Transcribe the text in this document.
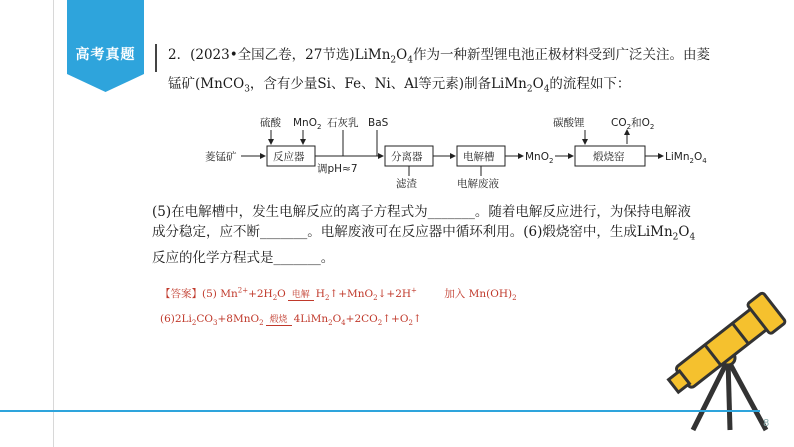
高考真题	2．(2023•全国乙卷，27节选)$LiMn_2O_4$作为一种新型锂电池正极材料受到广泛关注。由菱
锰矿(MnCO$_3$，含有少量Si、Fe、Ni、Al等元素)制备$LiMn_2O_4$的流程如下：
菱锰矿	反应器
硫酸 MnO$_2$ 石灰乳 BaS
调pH≈7
分离器
滤渣
电解槽
电解废液
MnO$_2$	煅烧窑
碳酸锂	$CO_2$和$O_2$
$LiMn_2O_4$
(5)在电解槽中，发生电解反应的离子方程式为_______。随着电解反应进行，为保持电解液
成分稳定，应不断_______。电解废液可在反应器中循环利用。(6)煅烧窑中，生成$LiMn_2O_4$
反应的化学方程式是_______。
【答案】(5) $Mn^{2+}+2H_2O$ 电解 $H_2↑+MnO_2↓+2H^+$	加入 $Mn(OH)_2$
$(6)2Li_2CO_3+8MnO_2$ 煅烧 $4LiMn_2O_4+2CO_2↑+O_2↑$
8
